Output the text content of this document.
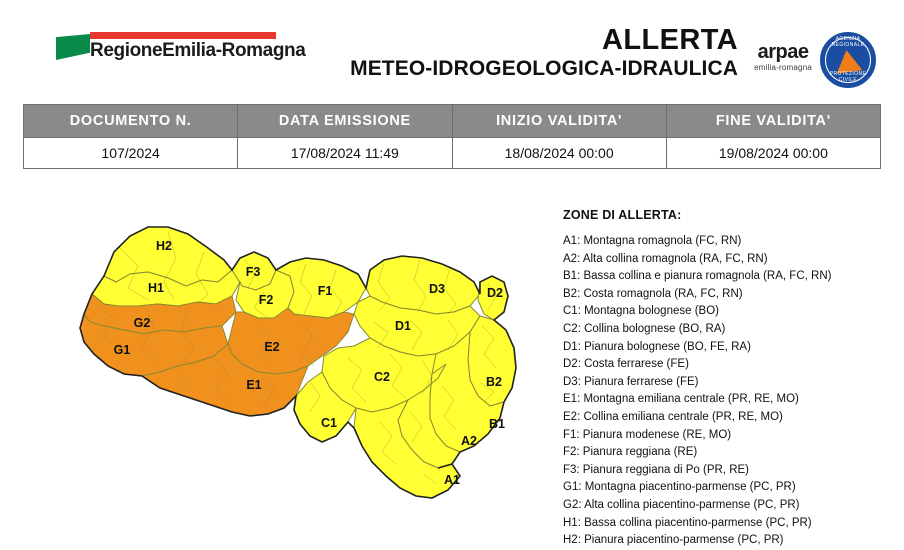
RegioneEmilia-Romagna	ALLERTA
METEO-IDROGEOLOGICA-IDRAULICA
arpae
emilia-romagna
AGENZIA REGIONALE
PROTEZIONE CIVILE
DOCUMENTO N.	DATA EMISSIONE	INIZIO VALIDITA'	FINE VALIDITA'
107/2024	17/08/2024 11:49	18/08/2024 00:00	19/08/2024 00:00
H2
H1
G2
G1
E1
E2
F3
F2
F1
D1
D3	D2
C1
C2
B1
B2
A1
A2
ZONE DI ALLERTA:
A1: Montagna romagnola (FC, RN)
A2: Alta collina romagnola (RA, FC, RN)
B1: Bassa collina e pianura romagnola (RA, FC, RN)
B2: Costa romagnola (RA, FC, RN)
C1: Montagna bolognese (BO)
C2: Collina bolognese (BO, RA)
D1: Pianura bolognese (BO, FE, RA)
D2: Costa ferrarese (FE)
D3: Pianura ferrarese (FE)
E1: Montagna emiliana centrale (PR, RE, MO)
E2: Collina emiliana centrale (PR, RE, MO)
F1: Pianura modenese (RE, MO)
F2: Pianura reggiana (RE)
F3: Pianura reggiana di Po (PR, RE)
G1: Montagna piacentino-parmense (PC, PR)
G2: Alta collina piacentino-parmense (PC, PR)
H1: Bassa collina piacentino-parmense (PC, PR)
H2: Pianura piacentino-parmense (PC, PR)
